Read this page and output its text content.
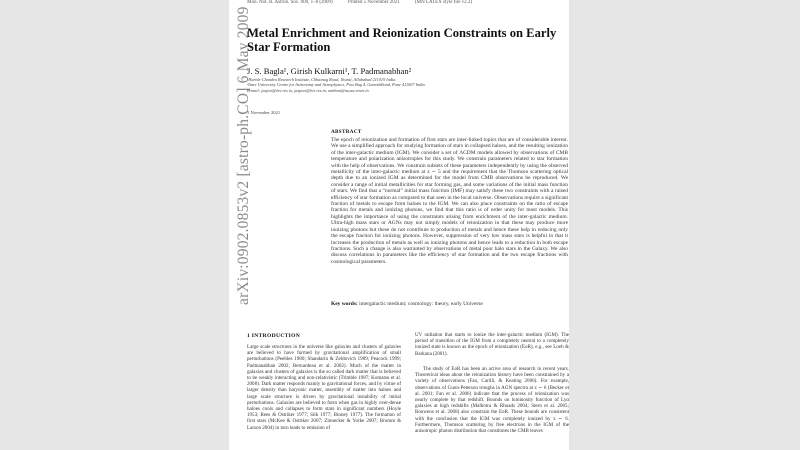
arXiv:0902.0853v2 [astro-ph.CO] 6 May 2009
Mon. Not. R. Astron. Soc. 000, 1–8 (2009)	Printed 5 November 2021	(MN LATEX style file v2.2)
Metal Enrichment and Reionization Constraints on Early Star Formation
J. S. Bagla¹, Girish Kulkarni¹, T. Padmanabhan²
¹Harish-Chandra Research Institute, Chhatnag Road, Jhunsi, Allahabad 211019 India.
²Inter University Centre for Astronomy and Astrophysics, Post Bag 4, Ganeshkhind, Pune 411007 India.
E-mail: jasjeet@hri.res.in, jaspeet@hri.res.in, nabhan@iucaa.ernet.in
5 November 2021
ABSTRACT
The epoch of reionization and formation of first stars are inter-linked topics that are of considerable interest. We use a simplified approach for studying formation of stars in collapsed haloes, and the resulting ionization of the inter-galactic medium (IGM). We consider a set of ΛCDM models allowed by observations of CMB temperature and polarization anisotropies for this study. We constrain parameters related to star formation with the help of observations. We constrain subsets of these parameters independently by using the observed metallicity of the inter-galactic medium at z ∼ 5 and the requirement that the Thomson scattering optical depth due to an ionized IGM as determined for the model from CMB observations be reproduced. We consider a range of initial metallicities for star forming gas, and some variations of the initial mass function of stars. We find that a “normal” initial mass function (IMF) may satisfy these two constraints with a raised efficiency of star formation as compared to that seen in the local universe. Observations require a significant fraction of metals to escape from haloes to the IGM. We can also place constraints on the ratio of escape fraction for metals and ionizing photons, we find that this ratio is of order unity for most models. This highlights the importance of using the constraints arising from enrichment of the inter-galactic medium. Ultra-high mass stars or AGNs may not simply models of reionization in that these may produce more ionizing photons but these do not contribute to production of metals and hence these help in reducing only the escape fraction for ionizing photons. However, suppression of very low mass stars is helpful in that it increases the production of metals as well as ionizing photons and hence leads to a reduction in both escape fractions. Such a change is also warranted by observations of metal poor halo stars in the Galaxy. We also discuss correlations in parameters like the efficiency of star formation and the two escape fractions with cosmological parameters.
Key words: intergalactic medium; cosmology: theory, early Universe
1 INTRODUCTION
Large scale structures in the universe like galaxies and clusters of galaxies are believed to have formed by gravitational amplification of small perturbations (Peebles 1980; Shandarin & Zeldovich 1989; Peacock 1999; Padmanabhan 2002; Bernardeau et al. 2002). Much of the matter in galaxies and clusters of galaxies is the so called dark matter that is believed to be weakly interacting and non-relativistic (Trimble 1987; Komatsu et al. 2008). Dark matter responds mainly to gravitational forces, and by virtue of larger density than baryonic matter, assembly of matter into haloes and large scale structure is driven by gravitational instability of initial perturbations. Galaxies are believed to form when gas in highly over-dense haloes cools and collapses to form stars in significant numbers (Hoyle 1953; Rees & Ostriker 1977; Silk 1977; Binney 1977). The formation of first stars (McKee & Ostriker 2007; Zinnecker & Yorke 2007; Bromm & Larson 2004) in turn leads to emission of
UV radiation that starts to ionize the inter-galactic medium (IGM). The period of transition of the IGM from a completely neutral to a completely ionized state is known as the epoch of reionization (EoR), e.g., see Loeb & Barkana (2001).
The study of EoR has been an active area of research in recent years. Theoretical ideas about the reionization history have been constrained by a variety of observations (Fan, Carilli, & Keating 2006). For example, observations of Gunn-Peterson troughs in AGN spectra at z ∼ 6 (Becker et al. 2001; Fan et al. 2006) indicate that the process of reionization was nearly complete by that redshift. Bounds on luminosity function of Lyα galaxies at high redshifts (Malhotra & Rhoads 2004; Stern et al. 2005; Bouwens et al. 2008) also constrain the EoR. These bounds are consistent with the conclusion that the IGM was completely ionized by z ∼ 6. Furthermore, Thomson scattering by free electrons in the IGM of the anisotropic photon distribution that constitutes the CMB leaves
